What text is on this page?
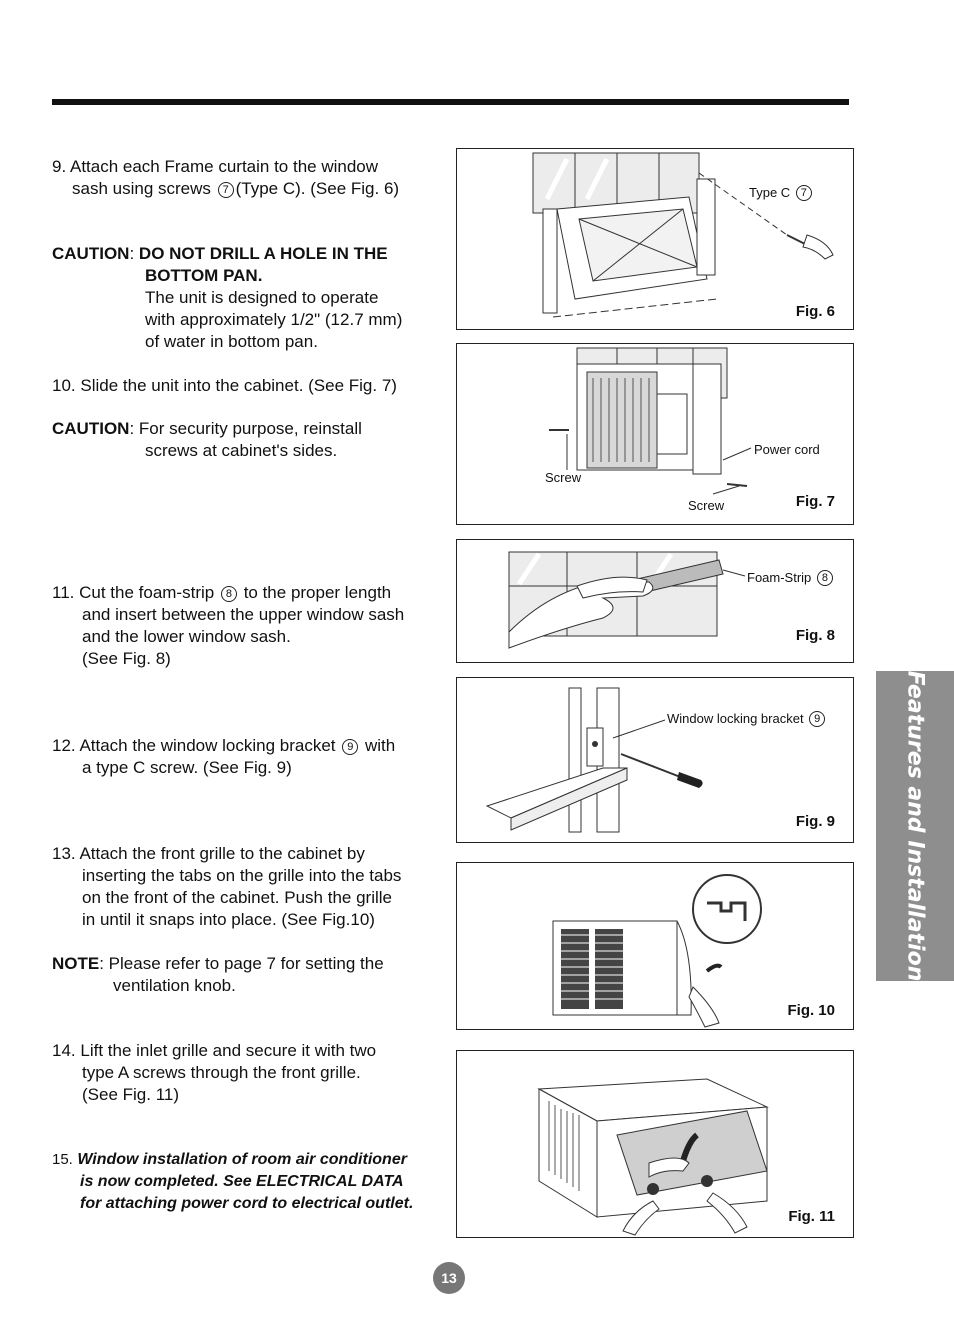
9. Attach each Frame curtain to the window
sash using screws 7 (Type C). (See Fig. 6)
CAUTION: DO NOT DRILL A HOLE IN THE
BOTTOM PAN.
The unit is designed to operate
with approximately 1/2" (12.7 mm)
of water in bottom pan.
10. Slide the unit into the cabinet. (See Fig. 7)
CAUTION: For security purpose, reinstall
screws at cabinet's sides.
11. Cut the foam-strip 8 to the proper length
and insert between the upper window sash
and the lower window sash.
(See Fig. 8)
12. Attach the window locking bracket 9 with
a type C screw. (See Fig. 9)
13. Attach the front grille to the cabinet by
inserting the tabs on the grille into the tabs
on the front of the cabinet. Push the grille
in until it snaps into place. (See Fig.10)
NOTE: Please refer to page 7 for setting the
ventilation knob.
14. Lift the inlet grille and secure it with two
type A screws through the front grille.
(See Fig. 11)
15. Window installation of room air conditioner
is now completed. See ELECTRICAL DATA
for attaching power cord to electrical outlet.
Type C 7
Fig. 6
Power cord
Screw
Screw	Fig. 7
Foam-Strip 8
Fig. 8
Window locking bracket 9
Fig. 9
Fig. 10
Fig. 11
Features and Installation
13
